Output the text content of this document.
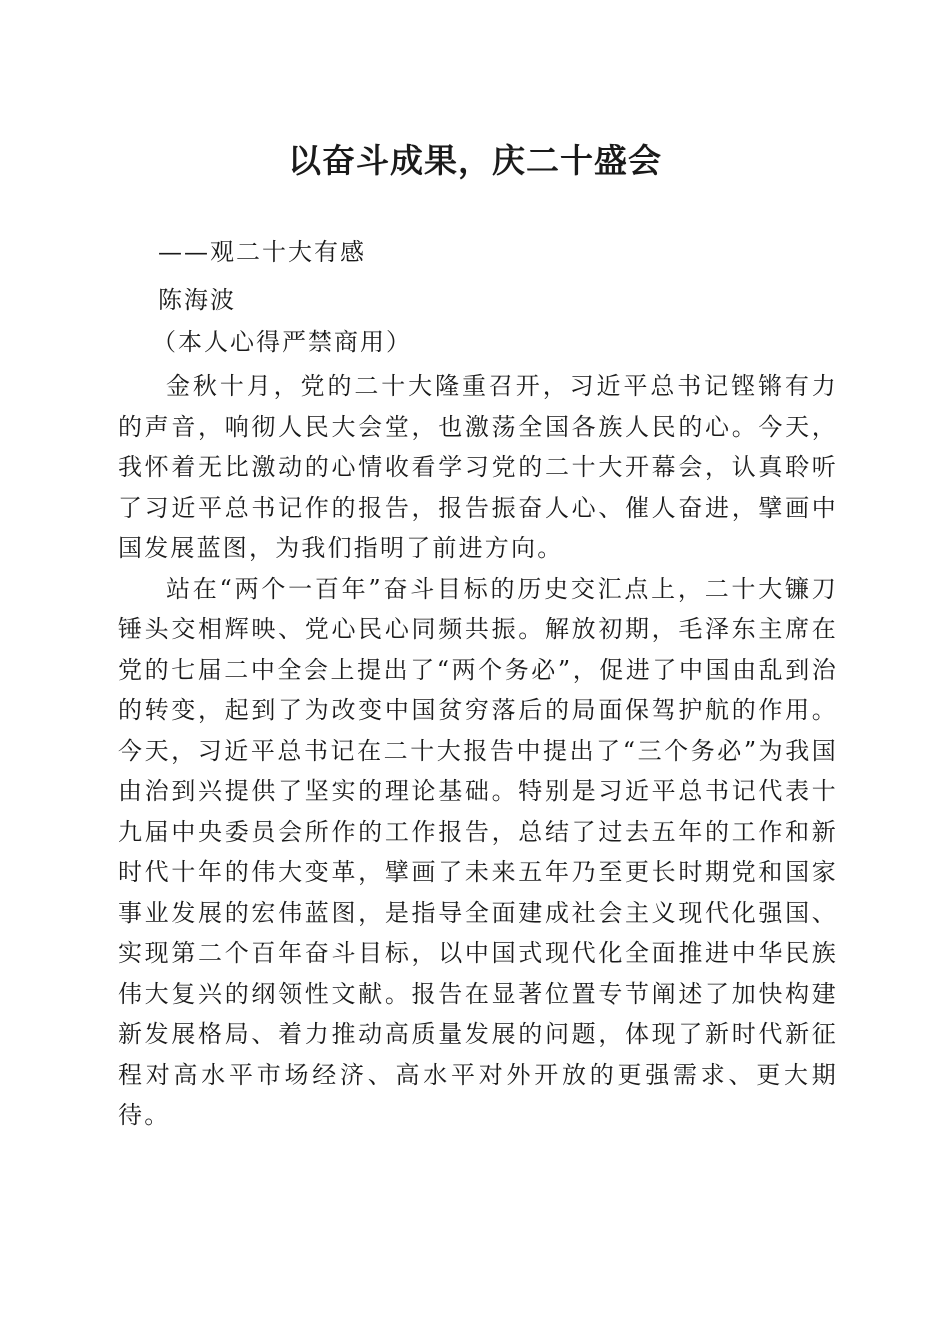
以奋斗成果，庆二十盛会

——观二十大有感

陈海波

（本人心得严禁商用）

金秋十月，党的二十大隆重召开，习近平总书记铿锵有力的声音，响彻人民大会堂，也激荡全国各族人民的心。今天，我怀着无比激动的心情收看学习党的二十大开幕会，认真聆听了习近平总书记作的报告，报告振奋人心、催人奋进，擘画中国发展蓝图，为我们指明了前进方向。

站在“两个一百年”奋斗目标的历史交汇点上，二十大镰刀锤头交相辉映、党心民心同频共振。解放初期，毛泽东主席在党的七届二中全会上提出了“两个务必”，促进了中国由乱到治的转变，起到了为改变中国贫穷落后的局面保驾护航的作用。今天，习近平总书记在二十大报告中提出了“三个务必”为我国由治到兴提供了坚实的理论基础。特别是习近平总书记代表十九届中央委员会所作的工作报告，总结了过去五年的工作和新时代十年的伟大变革，擘画了未来五年乃至更长时期党和国家事业发展的宏伟蓝图，是指导全面建成社会主义现代化强国、实现第二个百年奋斗目标，以中国式现代化全面推进中华民族伟大复兴的纲领性文献。报告在显著位置专节阐述了加快构建新发展格局、着力推动高质量发展的问题，体现了新时代新征程对高水平市场经济、高水平对外开放的更强需求、更大期待。
